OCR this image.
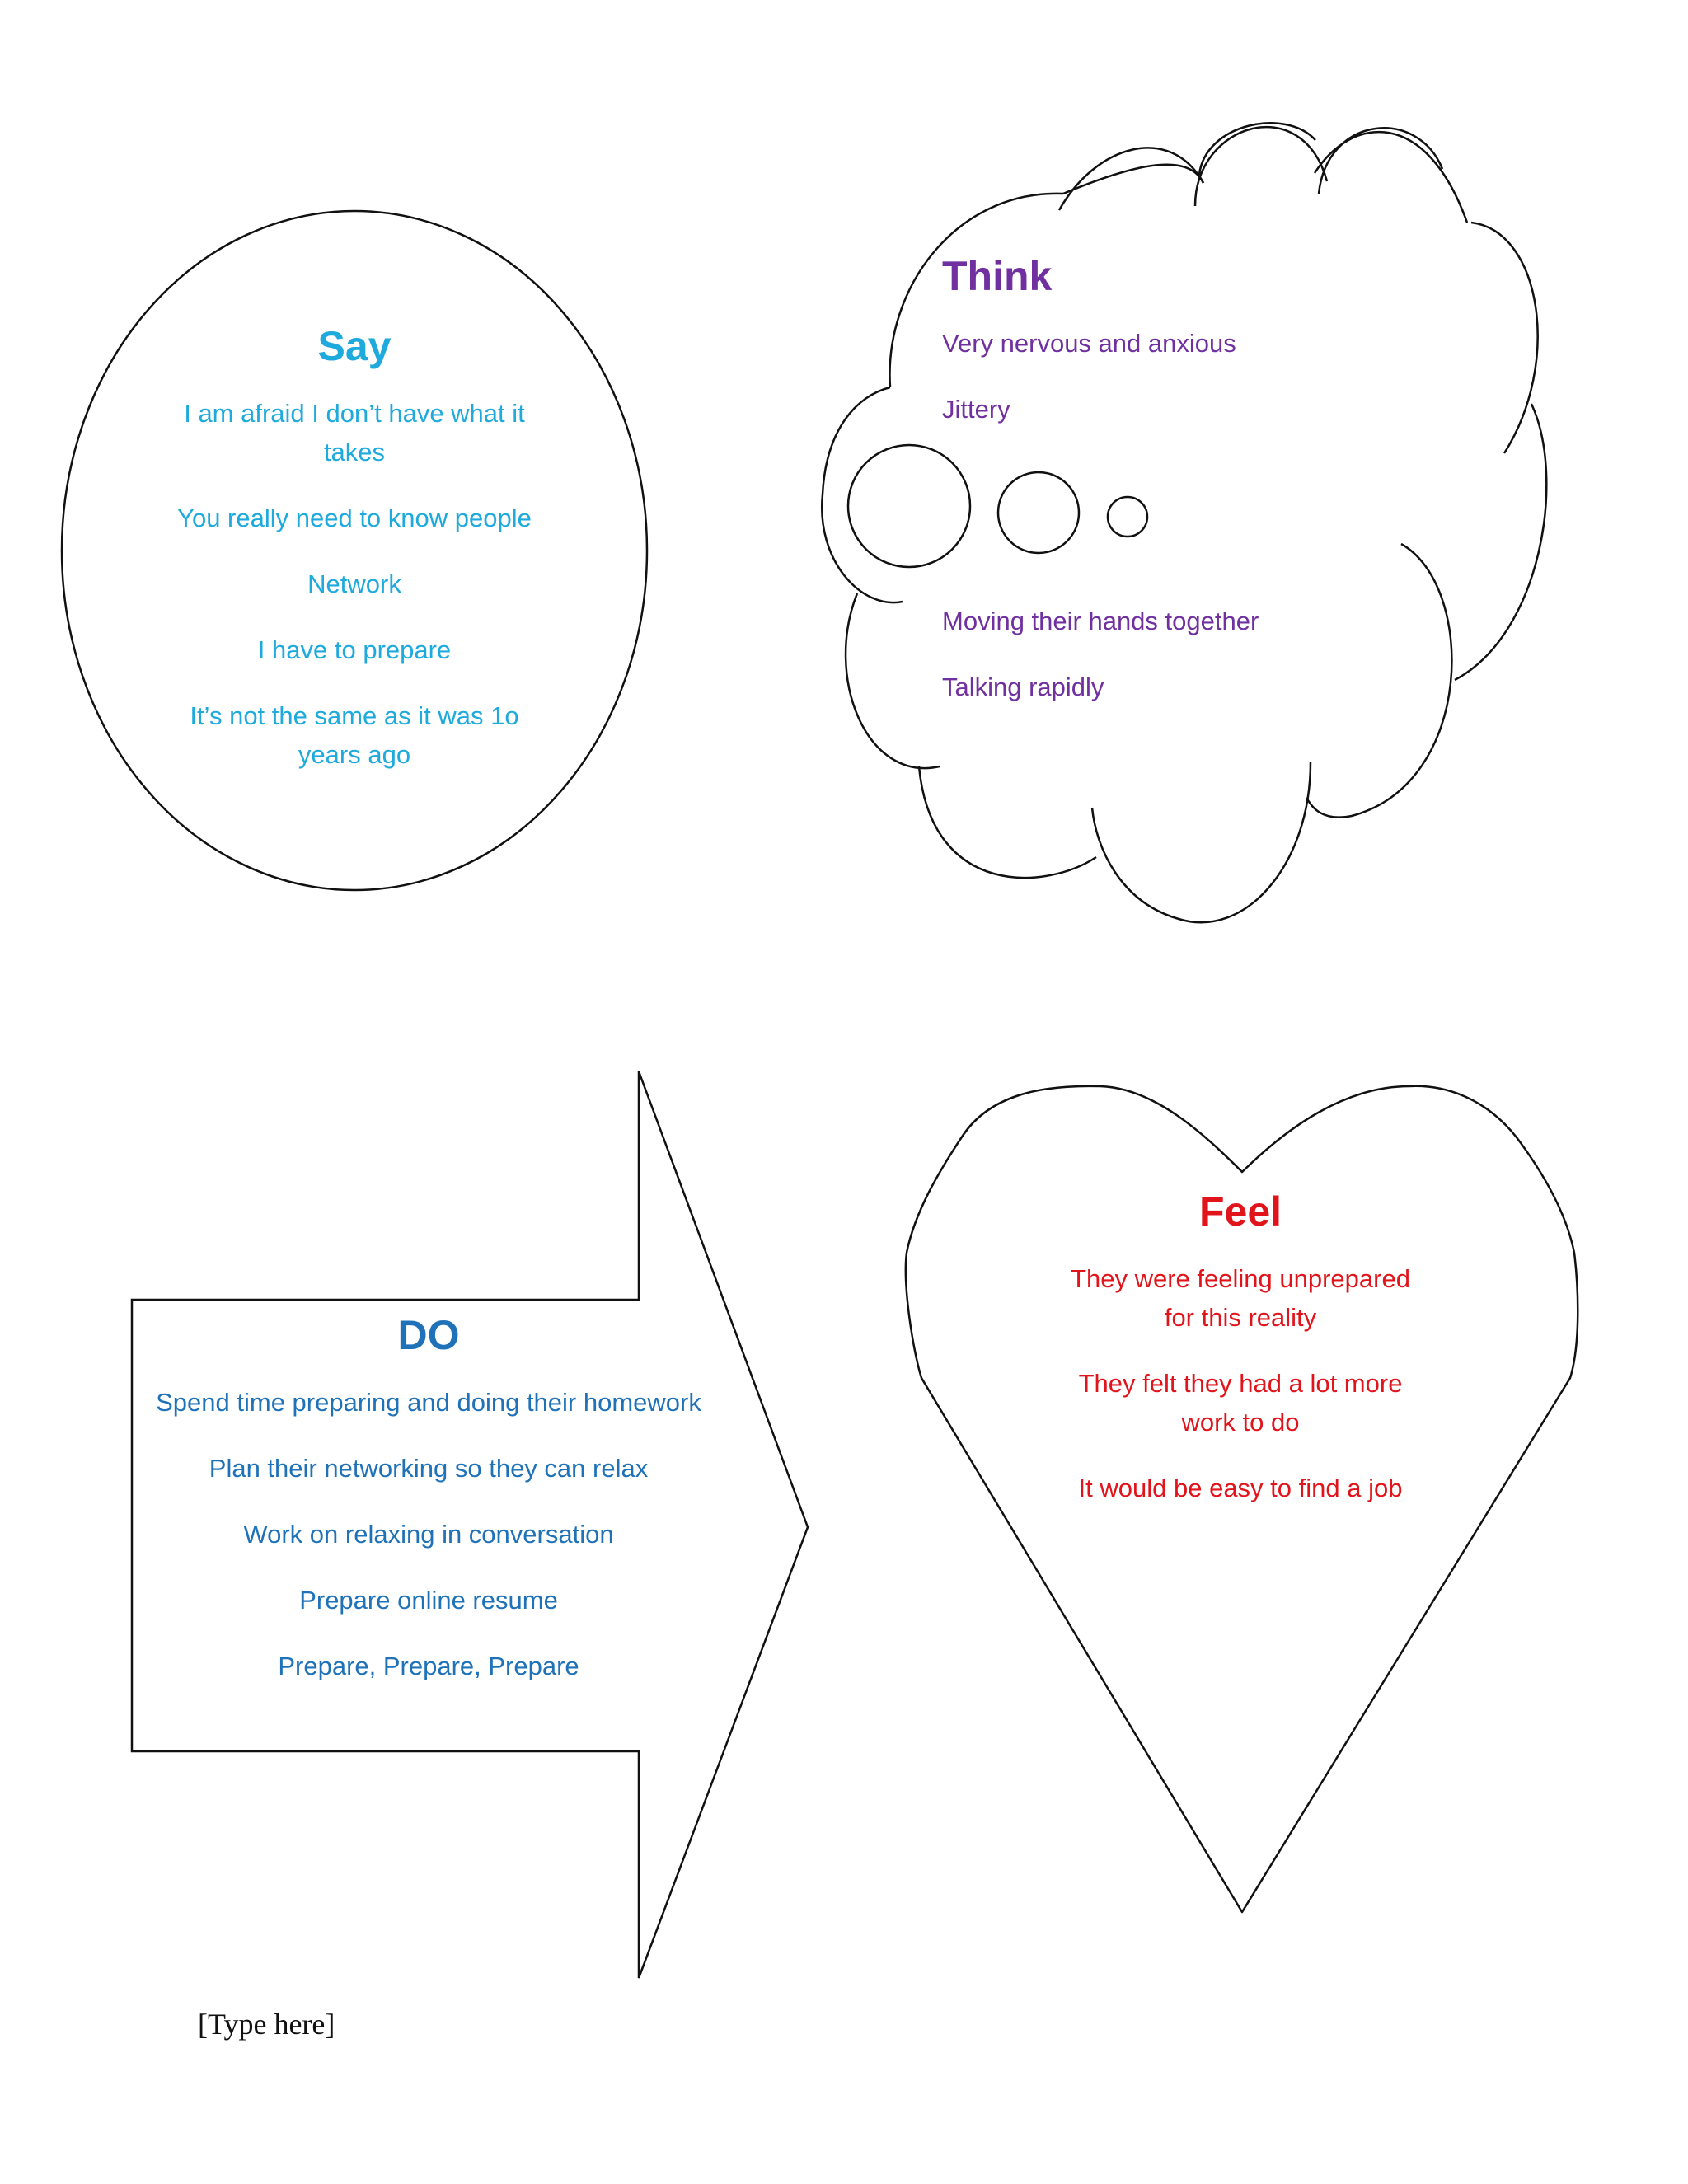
Say
I am afraid I don’t have what it takes
You really need to know people
Network
I have to prepare
It’s not the same as it was 1o years ago
Think
Very nervous and anxious
Jittery
Moving their hands together
Talking rapidly
DO
Spend time preparing and doing their homework
Plan their networking so they can relax
Work on relaxing in conversation
Prepare online resume
Prepare, Prepare, Prepare
Feel
They were feeling unprepared for this reality
They felt they had a lot more work to do
It would be easy to find a job
[Type here]
